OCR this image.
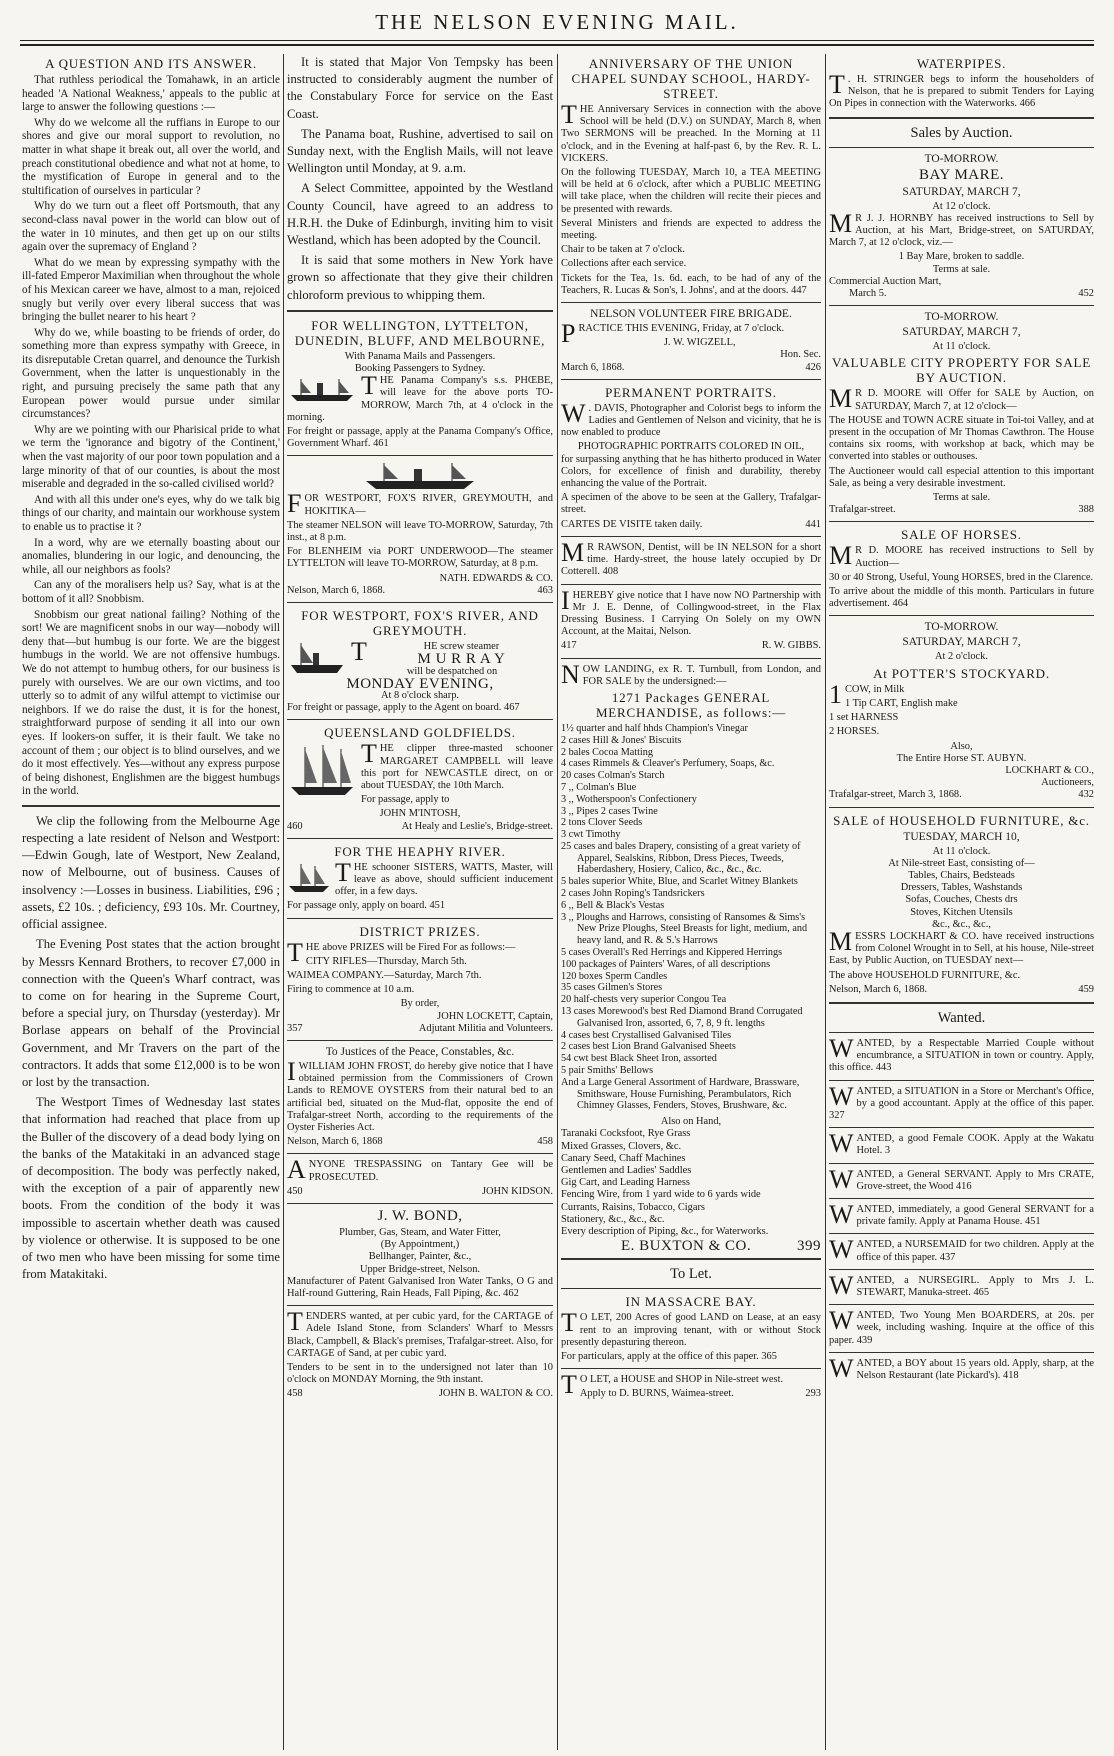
THE NELSON EVENING MAIL.
A QUESTION AND ITS ANSWER.

That ruthless periodical the Tomahawk, in an article headed 'A National Weakness,' appeals to the public at large to answer the following questions :—

Why do we welcome all the ruffians in Europe to our shores and give our moral support to revolution, no matter in what shape it break out, all over the world, and preach constitutional obedience and what not at home, to the mystification of Europe in general and to the stultification of ourselves in particular ?

Why do we turn out a fleet off Portsmouth, that any second-class naval power in the world can blow out of the water in 10 minutes, and then get up on our stilts again over the supremacy of England ?

What do we mean by expressing sympathy with the ill-fated Emperor Maximilian when throughout the whole of his Mexican career we have, almost to a man, rejoiced snugly but verily over every liberal success that was bringing the bullet nearer to his heart ?

Why do we, while boasting to be friends of order, do something more than express sympathy with Greece, in its disreputable Cretan quarrel, and denounce the Turkish Government, when the latter is unquestionably in the right, and pursuing precisely the same path that any European power would pursue under similar circumstances?

Why are we pointing with our Pharisical pride to what we term the 'ignorance and bigotry of the Continent,' when the vast majority of our poor town population and a large minority of that of our counties, is about the most miserable and degraded in the so-called civilised world?

And with all this under one's eyes, why do we talk big things of our charity, and maintain our workhouse system to enable us to practise it ?

In a word, why are we eternally boasting about our anomalies, blundering in our logic, and denouncing, the while, all our neighbors as fools?

Can any of the moralisers help us? Say, what is at the bottom of it all? Snobbism.

Snobbism our great national failing? Nothing of the sort! We are magnificent snobs in our way—nobody will deny that—but humbug is our forte. We are the biggest humbugs in the world. We are not offensive humbugs. We do not attempt to humbug others, for our business is purely with ourselves. We are our own victims, and too utterly so to admit of any wilful attempt to victimise our neighbors. If we do raise the dust, it is for the honest, straightforward purpose of sending it all into our own eyes. If lookers-on suffer, it is their fault. We take no account of them ; our object is to blind ourselves, and we do it most effectively. Yes—without any express purpose of being dishonest, Englishmen are the biggest humbugs in the world.

We clip the following from the Melbourne Age respecting a late resident of Nelson and Westport:—Edwin Gough, late of Westport, New Zealand, now of Melbourne, out of business. Causes of insolvency :—Losses in business. Liabilities, £96 ; assets, £2 10s. ; deficiency, £93 10s. Mr. Courtney, official assignee.

The Evening Post states that the action brought by Messrs Kennard Brothers, to recover £7,000 in connection with the Queen's Wharf contract, was to come on for hearing in the Supreme Court, before a special jury, on Thursday (yesterday). Mr Borlase appears on behalf of the Provincial Government, and Mr Travers on the part of the contractors. It adds that some £12,000 is to be won or lost by the transaction.

The Westport Times of Wednesday last states that information had reached that place from up the Buller of the discovery of a dead body lying on the banks of the Matakitaki in an advanced stage of decomposition. The body was perfectly naked, with the exception of a pair of apparently new boots. From the condition of the body it was impossible to ascertain whether death was caused by violence or otherwise. It is supposed to be one of two men who have been missing for some time from Matakitaki.

It is stated that Major Von Tempsky has been instructed to considerably augment the number of the Constabulary Force for service on the East Coast.

The Panama boat, Rushine, advertised to sail on Sunday next, with the English Mails, will not leave Wellington until Monday, at 9. a.m.

A Select Committee, appointed by the Westland County Council, have agreed to an address to H.R.H. the Duke of Edinburgh, inviting him to visit Westland, which has been adopted by the Council.

It is said that some mothers in New York have grown so affectionate that they give their children chloroform previous to whipping them.

FOR WELLINGTON, LYTTELTON, DUNEDIN, BLUFF, AND MELBOURNE,
With Panama Mails and Passengers.
Booking Passengers to Sydney.

THE Panama Company's s.s. PHŒBE, will leave for the above ports TO-MORROW, March 7th, at 4 o'clock in the morning.

For freight or passage, apply at the Panama Company's Office, Government Wharf. 461

FOR WESTPORT, FOX'S RIVER, GREYMOUTH, and HOKITIKA—

The steamer NELSON will leave TO-MORROW, Saturday, 7th inst., at 8 p.m.

For BLENHEIM via PORT UNDERWOOD—The steamer LYTTELTON will leave TO-MORROW, Saturday, at 8 p.m.

NATH. EDWARDS & CO.
Nelson, March 6, 1868.	463
FOR WESTPORT, FOX'S RIVER, AND GREYMOUTH.
T	HE screw steamer
M U R R A Y
will be despatched on
MONDAY EVENING,
At 8 o'clock sharp.

For freight or passage, apply to the Agent on board. 467

QUEENSLAND GOLDFIELDS.

THE clipper three-masted schooner MARGARET CAMPBELL will leave this port for NEWCASTLE direct, on or about TUESDAY, the 10th March.

For passage, apply to

JOHN M'INTOSH,
460	At Healy and Leslie's, Bridge-street.
FOR THE HEAPHY RIVER.

THE schooner SISTERS, WATTS, Master, will leave as above, should sufficient inducement offer, in a few days.

For passage only, apply on board. 451

DISTRICT PRIZES.

THE above PRIZES will be Fired For as follows:—

CITY RIFLES—Thursday, March 5th.

WAIMEA COMPANY.—Saturday, March 7th.

Firing to commence at 10 a.m.

By order,
JOHN LOCKETT, Captain,
357	Adjutant Militia and Volunteers.
To Justices of the Peace, Constables, &c.

IWILLIAM JOHN FROST, do hereby give notice that I have obtained permission from the Commissioners of Crown Lands to REMOVE OYSTERS from their natural bed to an artificial bed, situated on the Mud-flat, opposite the end of Trafalgar-street North, according to the requirements of the Oyster Fisheries Act.

Nelson, March 6, 1868	458

ANYONE TRESPASSING on Tantary Gee will be PROSECUTED.

450	JOHN KIDSON.
J. W. BOND,
Plumber, Gas, Steam, and Water Fitter,
(By Appointment,)
Bellhanger, Painter, &c.,
Upper Bridge-street, Nelson.

Manufacturer of Patent Galvanised Iron Water Tanks, O G and Half-round Guttering, Rain Heads, Fall Piping, &c. 462

TENDERS wanted, at per cubic yard, for the CARTAGE of Adele Island Stone, from Sclanders' Wharf to Messrs Black, Campbell, & Black's premises, Trafalgar-street. Also, for CARTAGE of Sand, at per cubic yard.

Tenders to be sent in to the undersigned not later than 10 o'clock on MONDAY Morning, the 9th instant.

458	JOHN B. WALTON & CO.
ANNIVERSARY OF THE UNION CHAPEL SUNDAY SCHOOL, HARDY-STREET.

THE Anniversary Services in connection with the above School will be held (D.V.) on SUNDAY, March 8, when Two SERMONS will be preached. In the Morning at 11 o'clock, and in the Evening at half-past 6, by the Rev. R. L. VICKERS.

On the following TUESDAY, March 10, a TEA MEETING will be held at 6 o'clock, after which a PUBLIC MEETING will take place, when the children will recite their pieces and be presented with rewards.

Several Ministers and friends are expected to address the meeting.

Chair to be taken at 7 o'clock.

Collections after each service.

Tickets for the Tea, 1s. 6d. each, to be had of any of the Teachers, R. Lucas & Son's, I. Johns', and at the doors. 447

NELSON VOLUNTEER FIRE BRIGADE.

PRACTICE THIS EVENING, Friday, at 7 o'clock.

J. W. WIGZELL,
Hon. Sec.
March 6, 1868.	426
PERMANENT PORTRAITS.

W . DAVIS, Photographer and Colorist begs to inform the Ladies and Gentlemen of Nelson and vicinity, that he is now enabled to produce

PHOTOGRAPHIC PORTRAITS COLORED IN OIL,

for surpassing anything that he has hitherto produced in Water Colors, for excellence of finish and durability, thereby enhancing the value of the Portrait.

A specimen of the above to be seen at the Gallery, Trafalgar-street.

CARTES DE VISITE taken daily.	441

M R RAWSON, Dentist, will be IN NELSON for a short time. Hardy-street, the house lately occupied by Dr Cotterell. 408

IHEREBY give notice that I have now NO Partnership with Mr J. E. Denne, of Collingwood-street, in the Flax Dressing Business. I Carrying On Solely on my OWN Account, at the Maitai, Nelson.

417	R. W. GIBBS.

NOW LANDING, ex R. T. Turnbull, from London, and FOR SALE by the undersigned:—

1271 Packages GENERAL MERCHANDISE, as follows:—
1½ quarter and half hhds Champion's Vinegar
2 cases Hill & Jones' Biscuits
2 bales Cocoa Matting
4 cases Rimmels & Cleaver's Perfumery, Soaps, &c.
20 cases Colman's Starch
7 ,, Colman's Blue
3 ,, Wotherspoon's Confectionery
3 ,, Pipes 2 cases Twine
2 tons Clover Seeds
3 cwt Timothy
25 cases and bales Drapery, consisting of a great variety of Apparel, Sealskins, Ribbon, Dress Pieces, Tweeds, Haberdashery, Hosiery, Calico, &c., &c., &c.
5 bales superior White, Blue, and Scarlet Witney Blankets
2 cases John Roping's Tandsrickers
6 ,, Bell & Black's Vestas
3 ,, Ploughs and Harrows, consisting of Ransomes & Sims's New Prize Ploughs, Steel Breasts for light, medium, and heavy land, and R. & S.'s Harrows
5 cases Overall's Red Herrings and Kippered Herrings
100 packages of Painters' Wares, of all descriptions
120 boxes Sperm Candles
35 cases Gilmen's Stores
20 half-chests very superior Congou Tea
13 cases Morewood's best Red Diamond Brand Corrugated Galvanised Iron, assorted, 6, 7, 8, 9 ft. lengths
4 cases best Crystallised Galvanised Tiles
2 cases best Lion Brand Galvanised Sheets
54 cwt best Black Sheet Iron, assorted
5 pair Smiths' Bellows
And a Large General Assortment of Hardware, Brassware, Smithsware, House Furnishing, Perambulators, Rich Chimney Glasses, Fenders, Stoves, Brushware, &c.
Also on Hand,

Taranaki Cocksfoot, Rye Grass
Mixed Grasses, Clovers, &c.
Canary Seed, Chaff Machines
Gentlemen and Ladies' Saddles
Gig Cart, and Leading Harness
Fencing Wire, from 1 yard wide to 6 yards wide
Currants, Raisins, Tobacco, Cigars
Stationery, &c., &c., &c.
Every description of Piping, &c., for Waterworks.

E. BUXTON & CO.	399
To Let.
IN MASSACRE BAY.

T O LET, 200 Acres of good LAND on Lease, at an easy rent to an improving tenant, with or without Stock presently depasturing thereon.

For particulars, apply at the office of this paper. 365

T O LET, a HOUSE and SHOP in Nile-street west.

Apply to D. BURNS, Waimea-street.	293
WATERPIPES.

T . H. STRINGER begs to inform the householders of Nelson, that he is prepared to submit Tenders for Laying On Pipes in connection with the Waterworks. 466

Sales by Auction.
TO-MORROW.
BAY MARE.
SATURDAY, MARCH 7,
At 12 o'clock.

M R J. J. HORNBY has received instructions to Sell by Auction, at his Mart, Bridge-street, on SATURDAY, March 7, at 12 o'clock, viz.—

1 Bay Mare, broken to saddle.
Terms at sale.
Commercial Auction Mart,
March 5.	452
TO-MORROW.
SATURDAY, MARCH 7,
At 11 o'clock.
VALUABLE CITY PROPERTY FOR SALE BY AUCTION.

M R D. MOORE will Offer for SALE by Auction, on SATURDAY, March 7, at 12 o'clock—

The HOUSE and TOWN ACRE situate in Toi-toi Valley, and at present in the occupation of Mr Thomas Cawthron. The House contains six rooms, with workshop at back, which may be converted into stables or outhouses.

The Auctioneer would call especial attention to this important Sale, as being a very desirable investment.

Terms at sale.
Trafalgar-street.	388
SALE OF HORSES.

M R D. MOORE has received instructions to Sell by Auction—

30 or 40 Strong, Useful, Young HORSES, bred in the Clarence.

To arrive about the middle of this month. Particulars in future advertisement. 464

TO-MORROW.
SATURDAY, MARCH 7,
At 2 o'clock.
At POTTER'S STOCKYARD.

1 COW, in Milk

1 Tip CART, English make

1 set HARNESS

2 HORSES.

Also,
The Entire Horse ST. AUBYN.
LOCKHART & CO.,
Auctioneers,
Trafalgar-street, March 3, 1868.	432
SALE of HOUSEHOLD FURNITURE, &c.
TUESDAY, MARCH 10,
At 11 o'clock.
At Nile-street East, consisting of—
Tables, Chairs, Bedsteads
Dressers, Tables, Washstands
Sofas, Couches, Chests drs
Stoves, Kitchen Utensils
&c., &c., &c.,

MESSRS LOCKHART & CO. have received instructions from Colonel Wrought in to Sell, at his house, Nile-street East, by Public Auction, on TUESDAY next—

The above HOUSEHOLD FURNITURE, &c.

Nelson, March 6, 1868.	459
Wanted.

WANTED, by a Respectable Married Couple without encumbrance, a SITUATION in town or country. Apply, this office. 443

WANTED, a SITUATION in a Store or Merchant's Office, by a good accountant. Apply at the office of this paper. 327

WANTED, a good Female COOK. Apply at the Wakatu Hotel. 3

WANTED, a General SERVANT. Apply to Mrs CRATE, Grove-street, the Wood 416

WANTED, immediately, a good General SERVANT for a private family. Apply at Panama House. 451

WANTED, a NURSEMAID for two children. Apply at the office of this paper. 437

WANTED, a NURSEGIRL. Apply to Mrs J. L. STEWART, Manuka-street. 465

WANTED, Two Young Men BOARDERS, at 20s. per week, including washing. Inquire at the office of this paper. 439

WANTED, a BOY about 15 years old. Apply, sharp, at the Nelson Restaurant (late Pickard's). 418
